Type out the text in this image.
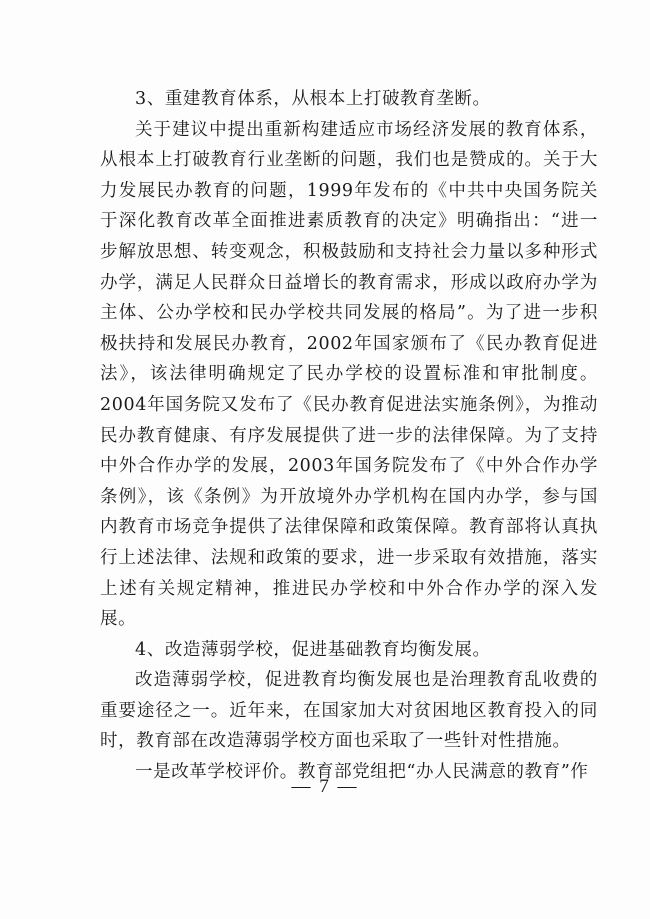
3、重建教育体系，从根本上打破教育垄断。

关于建议中提出重新构建适应市场经济发展的教育体系，从根本上打破教育行业垄断的问题，我们也是赞成的。关于大力发展民办教育的问题，1999年发布的《中共中央国务院关于深化教育改革全面推进素质教育的决定》明确指出：“进一步解放思想、转变观念，积极鼓励和支持社会力量以多种形式办学，满足人民群众日益增长的教育需求，形成以政府办学为主体、公办学校和民办学校共同发展的格局”。为了进一步积极扶持和发展民办教育，2002年国家颁布了《民办教育促进法》，该法律明确规定了民办学校的设置标准和审批制度。2004年国务院又发布了《民办教育促进法实施条例》，为推动民办教育健康、有序发展提供了进一步的法律保障。为了支持中外合作办学的发展，2003年国务院发布了《中外合作办学条例》，该《条例》为开放境外办学机构在国内办学，参与国内教育市场竞争提供了法律保障和政策保障。教育部将认真执行上述法律、法规和政策的要求，进一步采取有效措施，落实上述有关规定精神，推进民办学校和中外合作办学的深入发展。

4、改造薄弱学校，促进基础教育均衡发展。

改造薄弱学校，促进教育均衡发展也是治理教育乱收费的重要途径之一。近年来，在国家加大对贫困地区教育投入的同时，教育部在改造薄弱学校方面也采取了一些针对性措施。

一是改革学校评价。教育部党组把“办人民满意的教育”作

— 7 —
